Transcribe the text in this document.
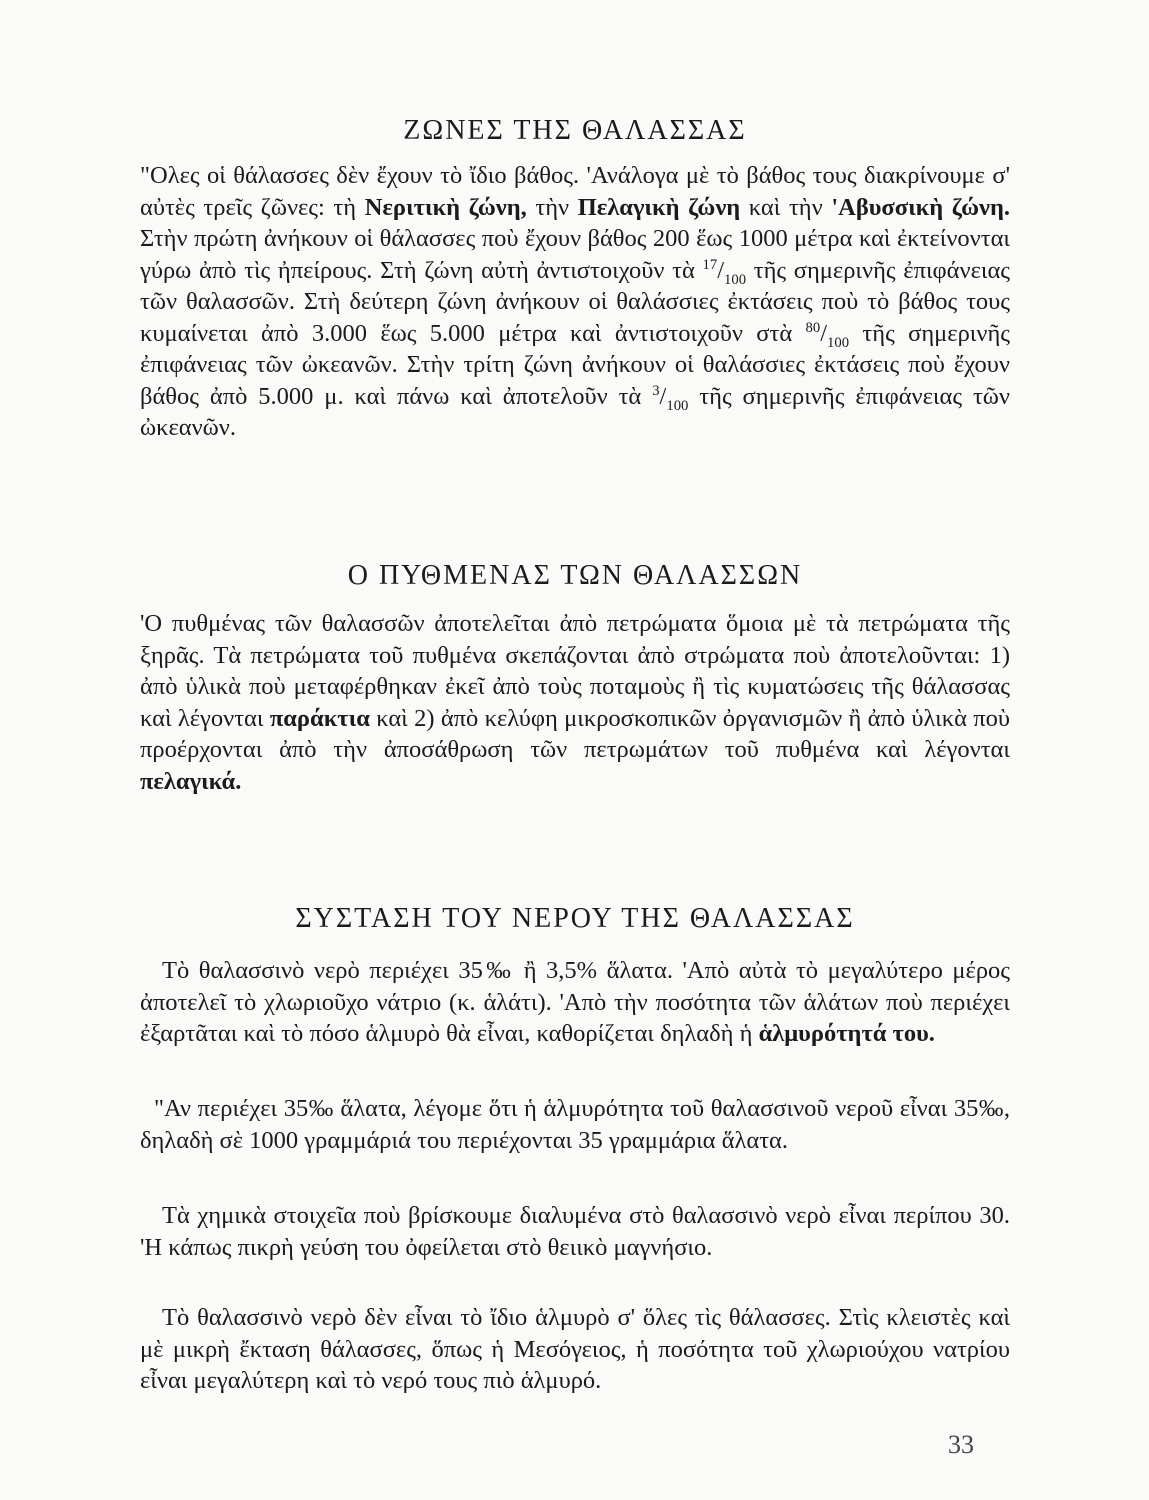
ΖΩΝΕΣ ΤΗΣ ΘΑΛΑΣΣΑΣ

"Ολες οἱ θάλασσες δὲν ἔχουν τὸ ἴδιο βάθος. 'Ανάλογα μὲ τὸ βάθος τους διακρίνουμε σ' αὐτὲς τρεῖς ζῶνες: τὴ Νεριτικὴ ζώνη, τὴν Πελαγικὴ ζώνη καὶ τὴν 'Αβυσσικὴ ζώνη. Στὴν πρώτη ἀνήκουν οἱ θάλασσες ποὺ ἔχουν βάθος 200 ἕως 1000 μέτρα καὶ ἐκτείνονται γύρω ἀπὸ τὶς ἠπείρους. Στὴ ζώνη αὐτὴ ἀντιστοιχοῦν τὰ $^{17}/_{100}$ τῆς σημερινῆς ἐπιφάνειας τῶν θαλασσῶν. Στὴ δεύτερη ζώνη ἀνήκουν οἱ θαλάσσιες ἐκτάσεις ποὺ τὸ βάθος τους κυμαίνεται ἀπὸ 3.000 ἕως 5.000 μέτρα καὶ ἀντιστοιχοῦν στὰ $^{80}/_{100}$ τῆς σημερινῆς ἐπιφάνειας τῶν ὠκεανῶν. Στὴν τρίτη ζώνη ἀνήκουν οἱ θαλάσσιες ἐκτάσεις ποὺ ἔχουν βάθος ἀπὸ 5.000 μ. καὶ πάνω καὶ ἀποτελοῦν τὰ $^3/_{100}$ τῆς σημερινῆς ἐπιφάνειας τῶν ὠκεανῶν.

Ο ΠΥΘΜΕΝΑΣ ΤΩΝ ΘΑΛΑΣΣΩΝ

'Ο πυθμένας τῶν θαλασσῶν ἀποτελεῖται ἀπὸ πετρώματα ὅμοια μὲ τὰ πετρώματα τῆς ξηρᾶς. Τὰ πετρώματα τοῦ πυθμένα σκεπάζονται ἀπὸ στρώματα ποὺ ἀποτελοῦνται: 1) ἀπὸ ὑλικὰ ποὺ μεταφέρθηκαν ἐκεῖ ἀπὸ τοὺς ποταμοὺς ἢ τὶς κυματώσεις τῆς θάλασσας καὶ λέγονται παράκτια καὶ 2) ἀπὸ κελύφη μικροσκοπικῶν ὀργανισμῶν ἢ ἀπὸ ὑλικὰ ποὺ προέρχονται ἀπὸ τὴν ἀποσάθρωση τῶν πετρωμάτων τοῦ πυθμένα καὶ λέγονται πελαγικά.

ΣΥΣΤΑΣΗ ΤΟΥ ΝΕΡΟΥ ΤΗΣ ΘΑΛΑΣΣΑΣ

Τὸ θαλασσινὸ νερὸ περιέχει 35‰ ἢ 3,5% ἅλατα. 'Απὸ αὐτὰ τὸ μεγαλύτερο μέρος ἀποτελεῖ τὸ χλωριοῦχο νάτριο (κ. ἁλάτι). 'Απὸ τὴν ποσότητα τῶν ἁλάτων ποὺ περιέχει ἐξαρτᾶται καὶ τὸ πόσο ἁλμυρὸ θὰ εἶναι, καθορίζεται δηλαδὴ ἡ ἁλμυρότητά του.

"Αν περιέχει 35‰ ἅλατα, λέγομε ὅτι ἡ ἁλμυρότητα τοῦ θαλασσινοῦ νεροῦ εἶναι 35‰, δηλαδὴ σὲ 1000 γραμμάριά του περιέχονται 35 γραμμάρια ἅλατα.

Τὰ χημικὰ στοιχεῖα ποὺ βρίσκουμε διαλυμένα στὸ θαλασσινὸ νερὸ εἶναι περίπου 30. 'Η κάπως πικρὴ γεύση του ὀφείλεται στὸ θειικὸ μαγνήσιο.

Τὸ θαλασσινὸ νερὸ δὲν εἶναι τὸ ἴδιο ἁλμυρὸ σ' ὅλες τὶς θάλασσες. Στὶς κλειστὲς καὶ μὲ μικρὴ ἔκταση θάλασσες, ὅπως ἡ Μεσόγειος, ἡ ποσότητα τοῦ χλωριούχου νατρίου εἶναι μεγαλύτερη καὶ τὸ νερό τους πιὸ ἁλμυρό.

33
